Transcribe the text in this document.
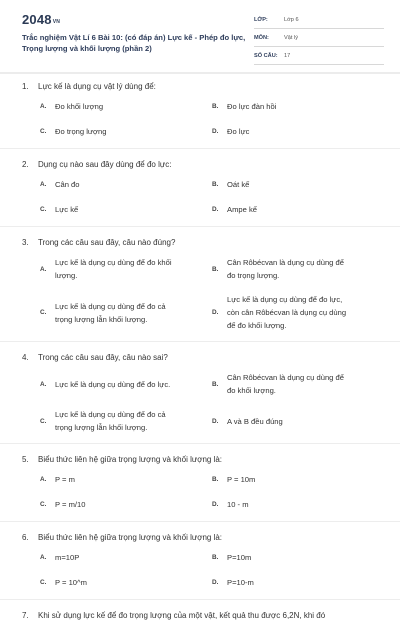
2048VN
Trắc nghiệm Vật Lí 6 Bài 10: (có đáp án) Lực kế - Phép đo lực, Trọng lượng và khối lượng (phần 2)
LỚP:	Lớp 6
MÔN:	Vật lý
SỐ CÂU: 17
1. Lực kế là dụng cụ vật lý dùng để:
A. Đo khối lượng	B. Đo lực đàn hồi
C. Đo trọng lượng	D. Đo lực
2. Dụng cụ nào sau đây dùng để đo lực:
A. Cân đo	B. Oát kế
C. Lực kế	D. Ampe kế
3. Trong các câu sau đây, câu nào đúng?
A.
Lực kế là dụng cụ dùng để đo khối
lượng.
B.
Cân Rôbécvan là dụng cụ dùng để
đo trọng lượng.
C.
Lực kế là dụng cụ dùng để đo cả
trọng lượng lẫn khối lượng.
D.
Lực kế là dụng cụ dùng để đo lực,
còn cân Rôbécvan là dụng cụ dùng
để đo khối lượng.
4. Trong các câu sau đây, câu nào sai?
A. Lực kế là dụng cụ dùng để đo lực.	B.
Cân Rôbécvan là dụng cụ dùng để
đo khối lượng.
C.
Lực kế là dụng cụ dùng để đo cả
trọng lượng lẫn khối lượng.
D. A và B đều đúng
5. Biểu thức liên hệ giữa trọng lượng và khối lượng là:
A. P = m	B. P = 10m
C. P = m/10	D. 10 - m
6. Biểu thức liên hệ giữa trọng lượng và khối lượng là:
A. m=10P	B. P=10m
C. P = 10^m	D. P=10-m
7. Khi sử dụng lực kế để đo trọng lượng của một vật, kết quả thu được 6,2N, khi đó
